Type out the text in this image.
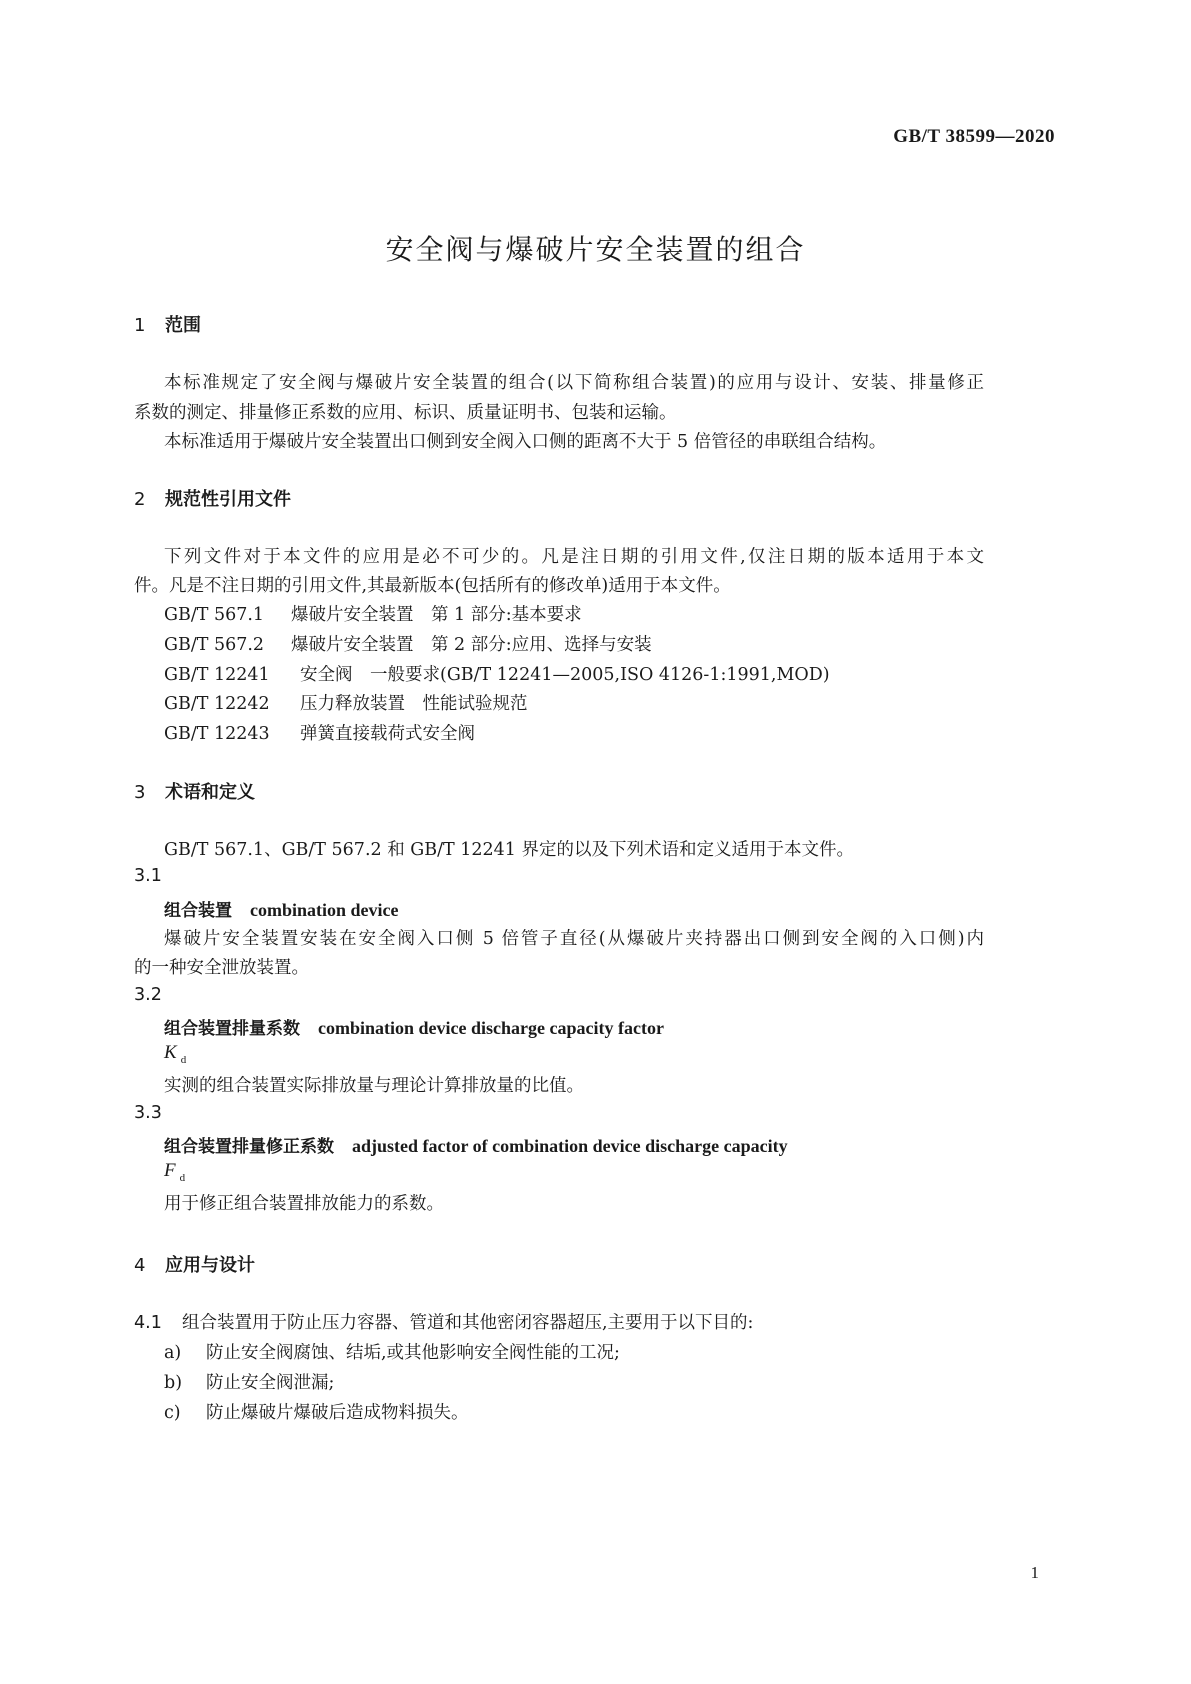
GB/T 38599—2020
安全阀与爆破片安全装置的组合
1 范围
本标准规定了安全阀与爆破片安全装置的组合(以下简称组合装置)的应用与设计、安装、排量修正
系数的测定、排量修正系数的应用、标识、质量证明书、包装和运输。
本标准适用于爆破片安全装置出口侧到安全阀入口侧的距离不大于 5 倍管径的串联组合结构。
2 规范性引用文件
下列文件对于本文件的应用是必不可少的。凡是注日期的引用文件,仅注日期的版本适用于本文
件。凡是不注日期的引用文件,其最新版本(包括所有的修改单)适用于本文件。
GB/T 567.1 爆破片安全装置　第 1 部分:基本要求
GB/T 567.2 爆破片安全装置　第 2 部分:应用、选择与安装
GB/T 12241 安全阀　一般要求(GB/T 12241—2005,ISO 4126-1:1991,MOD)
GB/T 12242 压力释放装置　性能试验规范
GB/T 12243 弹簧直接载荷式安全阀
3 术语和定义
GB/T 567.1、GB/T 567.2 和 GB/T 12241 界定的以及下列术语和定义适用于本文件。
3.1
组合装置 combination device
爆破片安全装置安装在安全阀入口侧 5 倍管子直径(从爆破片夹持器出口侧到安全阀的入口侧)内
的一种安全泄放装置。
3.2
组合装置排量系数 combination device discharge capacity factor
K $_d$
实测的组合装置实际排放量与理论计算排放量的比值。
3.3
组合装置排量修正系数 adjusted factor of combination device discharge capacity
F $_d$
用于修正组合装置排放能力的系数。
4 应用与设计
4.1 组合装置用于防止压力容器、管道和其他密闭容器超压,主要用于以下目的:
a) 防止安全阀腐蚀、结垢,或其他影响安全阀性能的工况;
b) 防止安全阀泄漏;
c) 防止爆破片爆破后造成物料损失。
1
